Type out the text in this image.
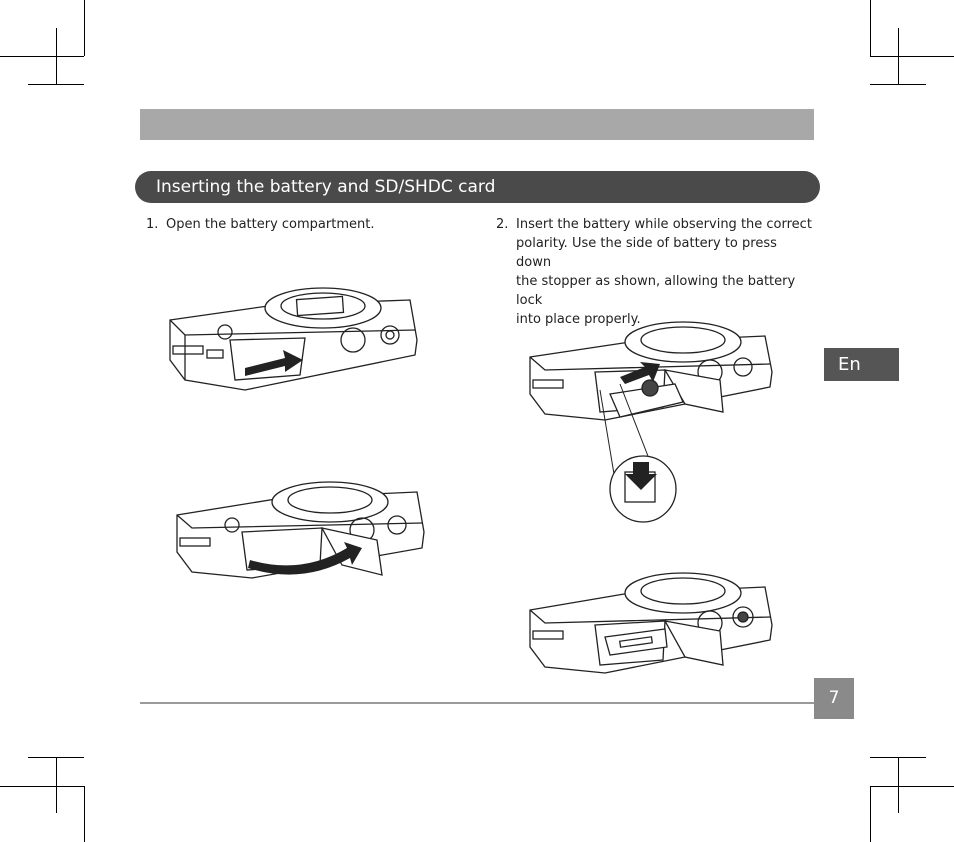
Inserting the battery and SD/SHDC card
1. Open the battery compartment.	2. Insert the battery while observing the correct
polarity. Use the side of battery to press down
the stopper as shown, allowing the battery lock
into place properly.
En
7
